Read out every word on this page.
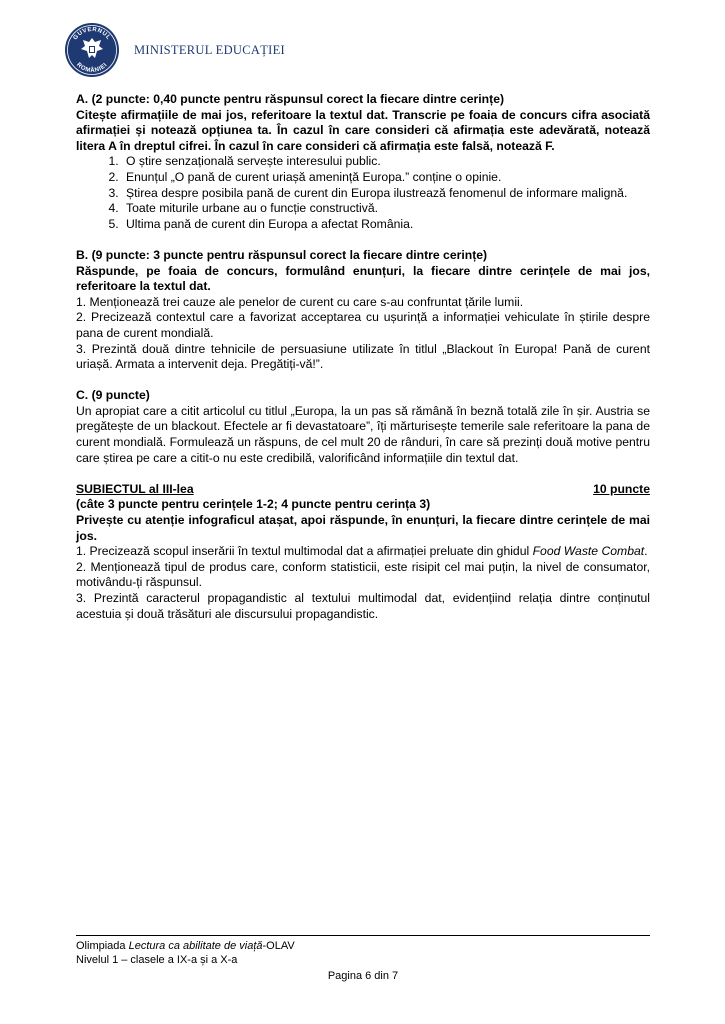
GUVERNUL
ROMÂNIEI
MINISTERUL EDUCAȚIEI

A. (2 puncte: 0,40 puncte pentru răspunsul corect la fiecare dintre cerințe)

Citește afirmațiile de mai jos, referitoare la textul dat. Transcrie pe foaia de concurs cifra asociată afirmației și notează opțiunea ta. În cazul în care consideri că afirmația este adevărată, notează litera A în dreptul cifrei. În cazul în care consideri că afirmația este falsă, notează F.

1. O știre senzațională servește interesului public.
2. Enunțul „O pană de curent uriașă amenință Europa.” conține o opinie.
3. Știrea despre posibila pană de curent din Europa ilustrează fenomenul de informare malignă.
4. Toate miturile urbane au o funcție constructivă.
5. Ultima pană de curent din Europa a afectat România.

B. (9 puncte: 3 puncte pentru răspunsul corect la fiecare dintre cerințe)

Răspunde, pe foaia de concurs, formulând enunțuri, la fiecare dintre cerințele de mai jos, referitoare la textul dat.

1. Menționează trei cauze ale penelor de curent cu care s-au confruntat țările lumii.

2. Precizează contextul care a favorizat acceptarea cu ușurință a informației vehiculate în știrile despre pana de curent mondială.

3. Prezintă două dintre tehnicile de persuasiune utilizate în titlul „Blackout în Europa! Pană de curent uriașă. Armata a intervenit deja. Pregătiți-vă!”.

C. (9 puncte)

Un apropiat care a citit articolul cu titlul „Europa, la un pas să rămână în beznă totală zile în șir. Austria se pregătește de un blackout. Efectele ar fi devastatoare”, îți mărturisește temerile sale referitoare la pana de curent mondială. Formulează un răspuns, de cel mult 20 de rânduri, în care să prezinți două motive pentru care știrea pe care a citit-o nu este credibilă, valorificând informațiile din textul dat.

SUBIECTUL al III-lea	10 puncte

(câte 3 puncte pentru cerințele 1-2; 4 puncte pentru cerința 3)

Privește cu atenție infograficul atașat, apoi răspunde, în enunțuri, la fiecare dintre cerințele de mai jos.

1. Precizează scopul inserării în textul multimodal dat a afirmației preluate din ghidul Food Waste Combat.

2. Menționează tipul de produs care, conform statisticii, este risipit cel mai puțin, la nivel de consumator, motivându-ți răspunsul.

3. Prezintă caracterul propagandistic al textului multimodal dat, evidențiind relația dintre conținutul acestuia și două trăsături ale discursului propagandistic.

Olimpiada Lectura ca abilitate de viață-OLAV
Nivelul 1 – clasele a IX-a și a X-a
Pagina 6 din 7
